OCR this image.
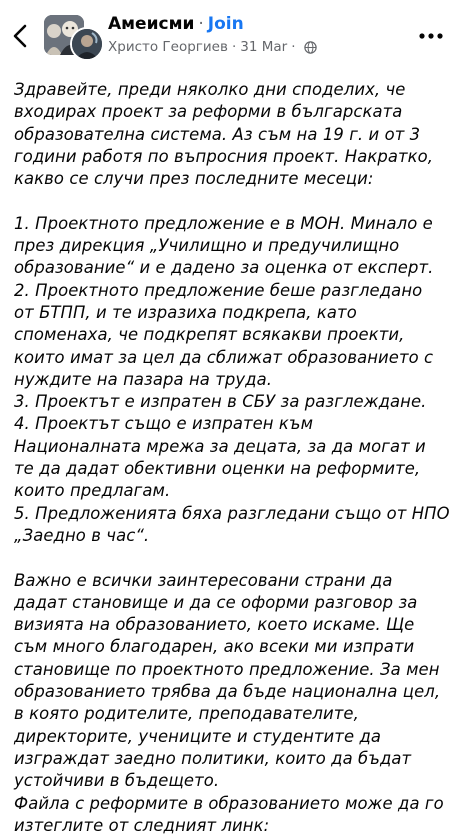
Aмеисми · Join
Христо Георгиев · 31 Mar ·
Здравейте, преди няколко дни споделих, че
входирах проект за реформи в българската
образователна система. Аз съм на 19 г. и от 3
години работя по въпросния проект. Накратко,
какво се случи през последните месеци:
1. Проектното предложение е в МОН. Минало е
през дирекция „Училищно и предучилищно
образование“ и е дадено за оценка от експерт.
2. Проектното предложение беше разгледано
от БТПП, и те изразиха подкрепа, като
споменаха, че подкрепят всякакви проекти,
които имат за цел да сближат образованието с
нуждите на пазара на труда.
3. Проектът е изпратен в СБУ за разглеждане.
4. Проектът също е изпратен към
Националната мрежа за децата, за да могат и
те да дадат обективни оценки на реформите,
които предлагам.
5. Предложенията бяха разгледани също от НПО
„Заедно в час“.
Важно е всички заинтересовани страни да
дадат становище и да се оформи разговор за
визията на образованието, което искаме. Ще
съм много благодарен, ако всеки ми изпрати
становище по проектното предложение. За мен
образованието трябва да бъде национална цел,
в която родителите, преподавателите,
директорите, учениците и студентите да
изграждат заедно политики, които да бъдат
устойчиви в бъдещето.
Файла с реформите в образованието може да го
изтеглите от следният линк:
